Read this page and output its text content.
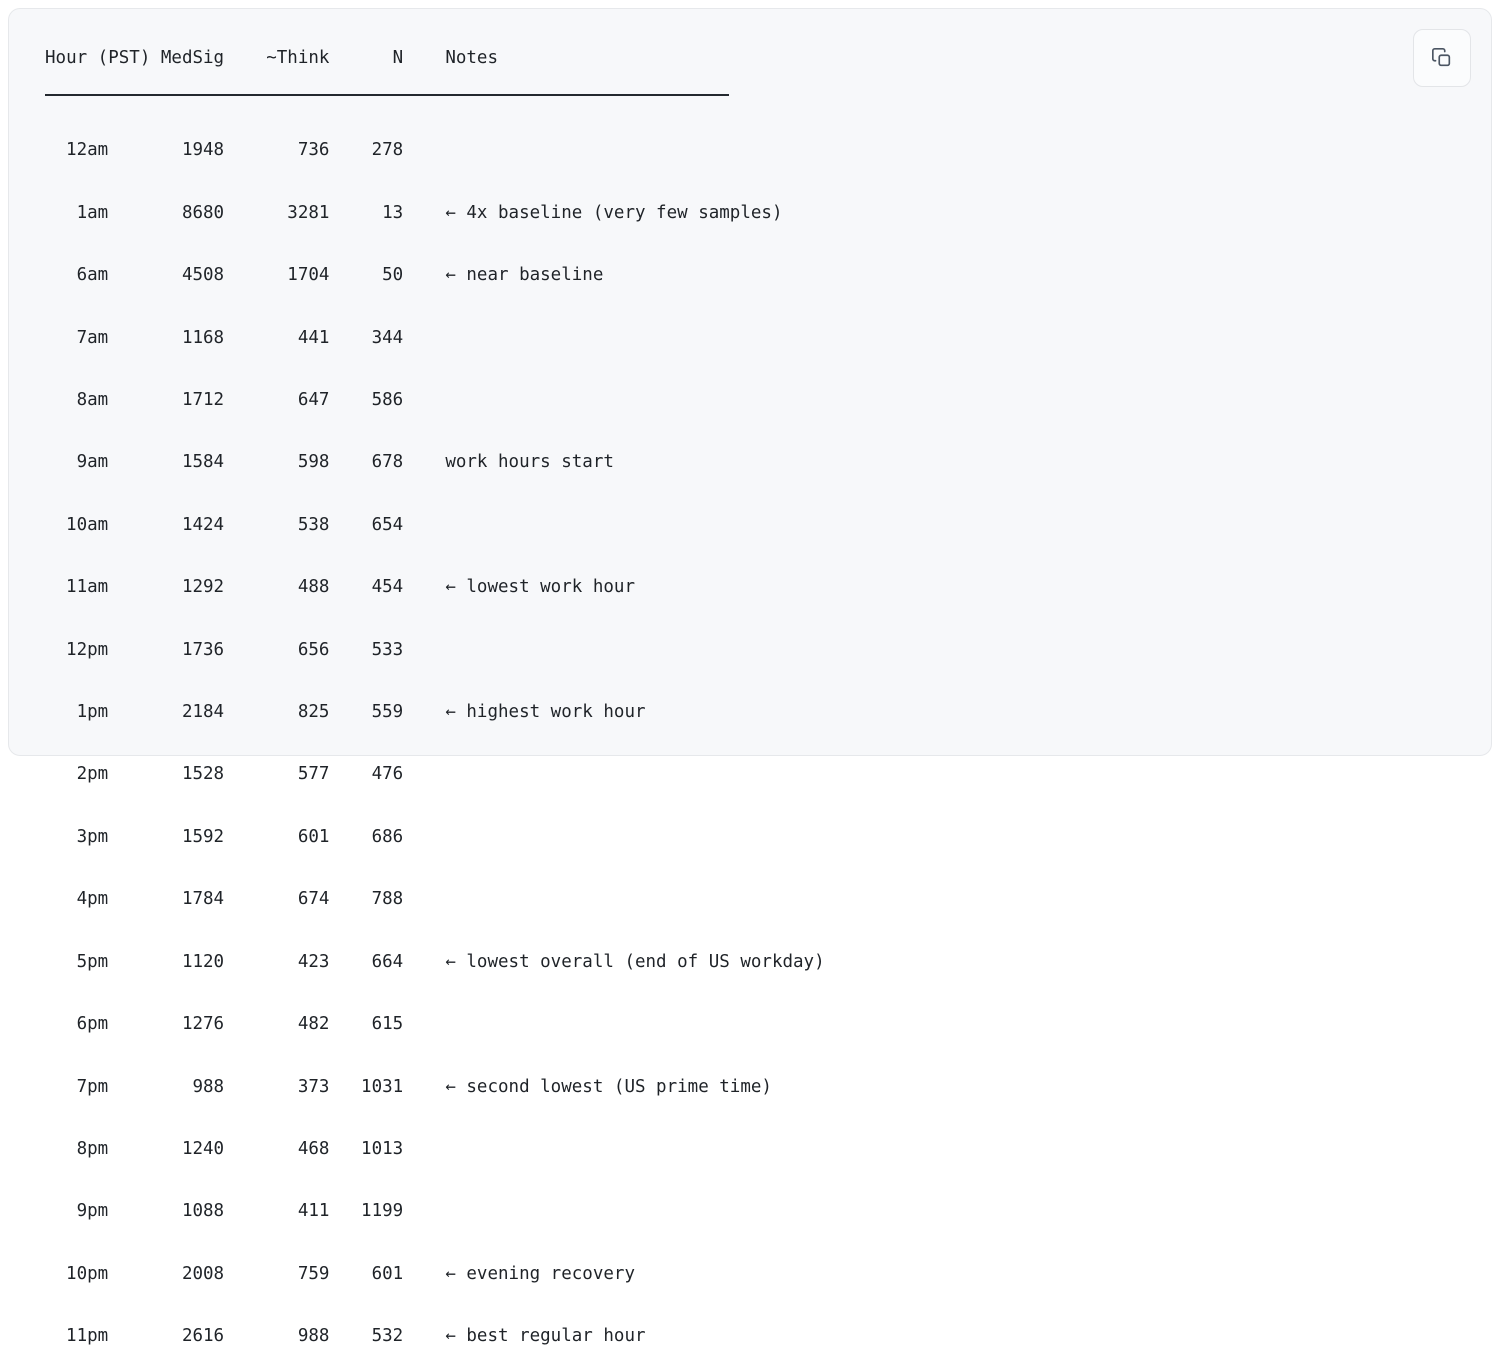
Hour (PST) MedSig ~Think	N Notes

12am	1948	736 278

1am	8680	3281	13 ← 4x baseline (very few samples)

6am	4508	1704	50 ← near baseline

7am	1168	441 344

8am	1712	647 586

9am	1584	598 678 work hours start

10am	1424	538 654

11am	1292	488 454 ← lowest work hour

12pm	1736	656 533

1pm	2184	825 559 ← highest work hour

2pm	1528	577 476

3pm	1592	601 686

4pm	1784	674 788

5pm	1120	423 664 ← lowest overall (end of US workday)

6pm	1276	482 615

7pm	988	373 1031 ← second lowest (US prime time)

8pm	1240	468 1013

9pm	1088	411 1199

10pm	2008	759 601 ← evening recovery

11pm	2616	988 532 ← best regular hour
